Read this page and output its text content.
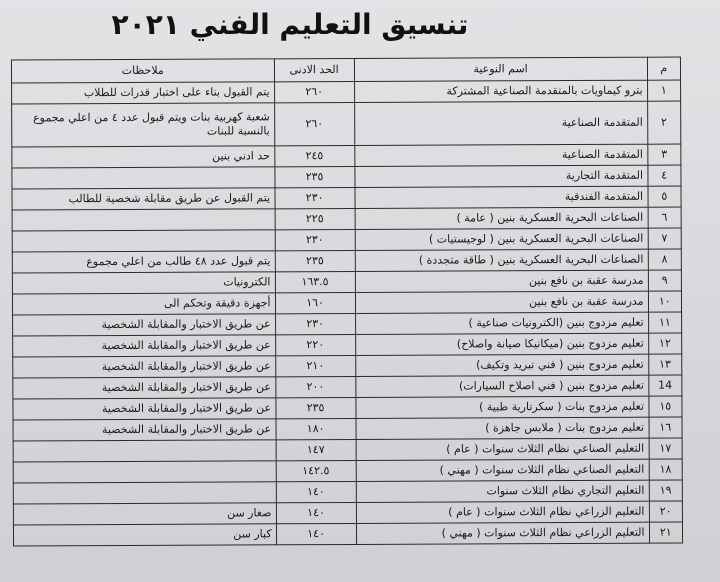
تنسيق التعليم الفني ٢٠٢١
م	اسم النوعية	الحد الادنى	ملاحظات
١	بترو كيماويات بالمتقدمة الصناعية المشتركة	٢٦٠	يتم القبول بناء على اختبار قدرات للطلاب
٢	المتقدمة الصناعية	٢٦٠	شعبة كهربية بنات ويتم قبول عدد ٤ من اعلي مجموع بالنسبة للبنات
٣	المتقدمة الصناعية	٢٤٥	حد ادني بنين
٤	المتقدمة التجارية	٢٣٥	
٥	المتقدمة الفندقية	٢٣٠	يتم القبول عن طريق مقابلة شخصية للطالب
٦	الصناعات البحرية العسكرية بنين ( عامة )	٢٢٥	
٧	الصناعات البحرية العسكرية بنين ( لوجيستيات )	٢٣٠	
٨	الصناعات البحرية العسكرية بنين ( طاقة متجددة )	٢٣٥	يتم قبول عدد ٤٨ طالب من اعلي مجموع
٩	مدرسة عقبة بن نافع بنين	١٦٣.٥	الكترونيات
١٠	مدرسة عقبة بن نافع بنين	١٦٠	أجهزة دقيقة وتحكم الى
١١	تعليم مزدوج بنين (الكترونيات صناعية )	٢٣٠	عن طريق الاختبار والمقابلة الشخصية
١٢	تعليم مزدوج بنين (ميكانيكا صيانة واصلاح)	٢٢٠	عن طريق الاختبار والمقابلة الشخصية
١٣	تعليم مزدوج بنين ( فني تبريد وتكيف)	٢١٠	عن طريق الاختبار والمقابلة الشخصية
14	تعليم مزدوج بنين ( فني اصلاح السيارات)	٢٠٠	عن طريق الاختبار والمقابلة الشخصية
١٥	تعليم مزدوج بنات ( سكرتارية طبية )	٢٣٥	عن طريق الاختبار والمقابلة الشخصية
١٦	تعليم مزدوج بنات ( ملابس جاهزة )	١٨٠	عن طريق الاختبار والمقابلة الشخصية
١٧	التعليم الصناعي نظام الثلاث سنوات ( عام )	١٤٧	
١٨	التعليم الصناعي نظام الثلاث سنوات ( مهني )	١٤٢.٥	
١٩	التعليم التجاري نظام الثلاث سنوات	١٤٠	
٢٠	التعليم الزراعي نظام الثلاث سنوات ( عام )	١٤٠	صغار سن
٢١	التعليم الزراعي نظام الثلاث سنوات ( مهني )	١٤٠	كبار سن
